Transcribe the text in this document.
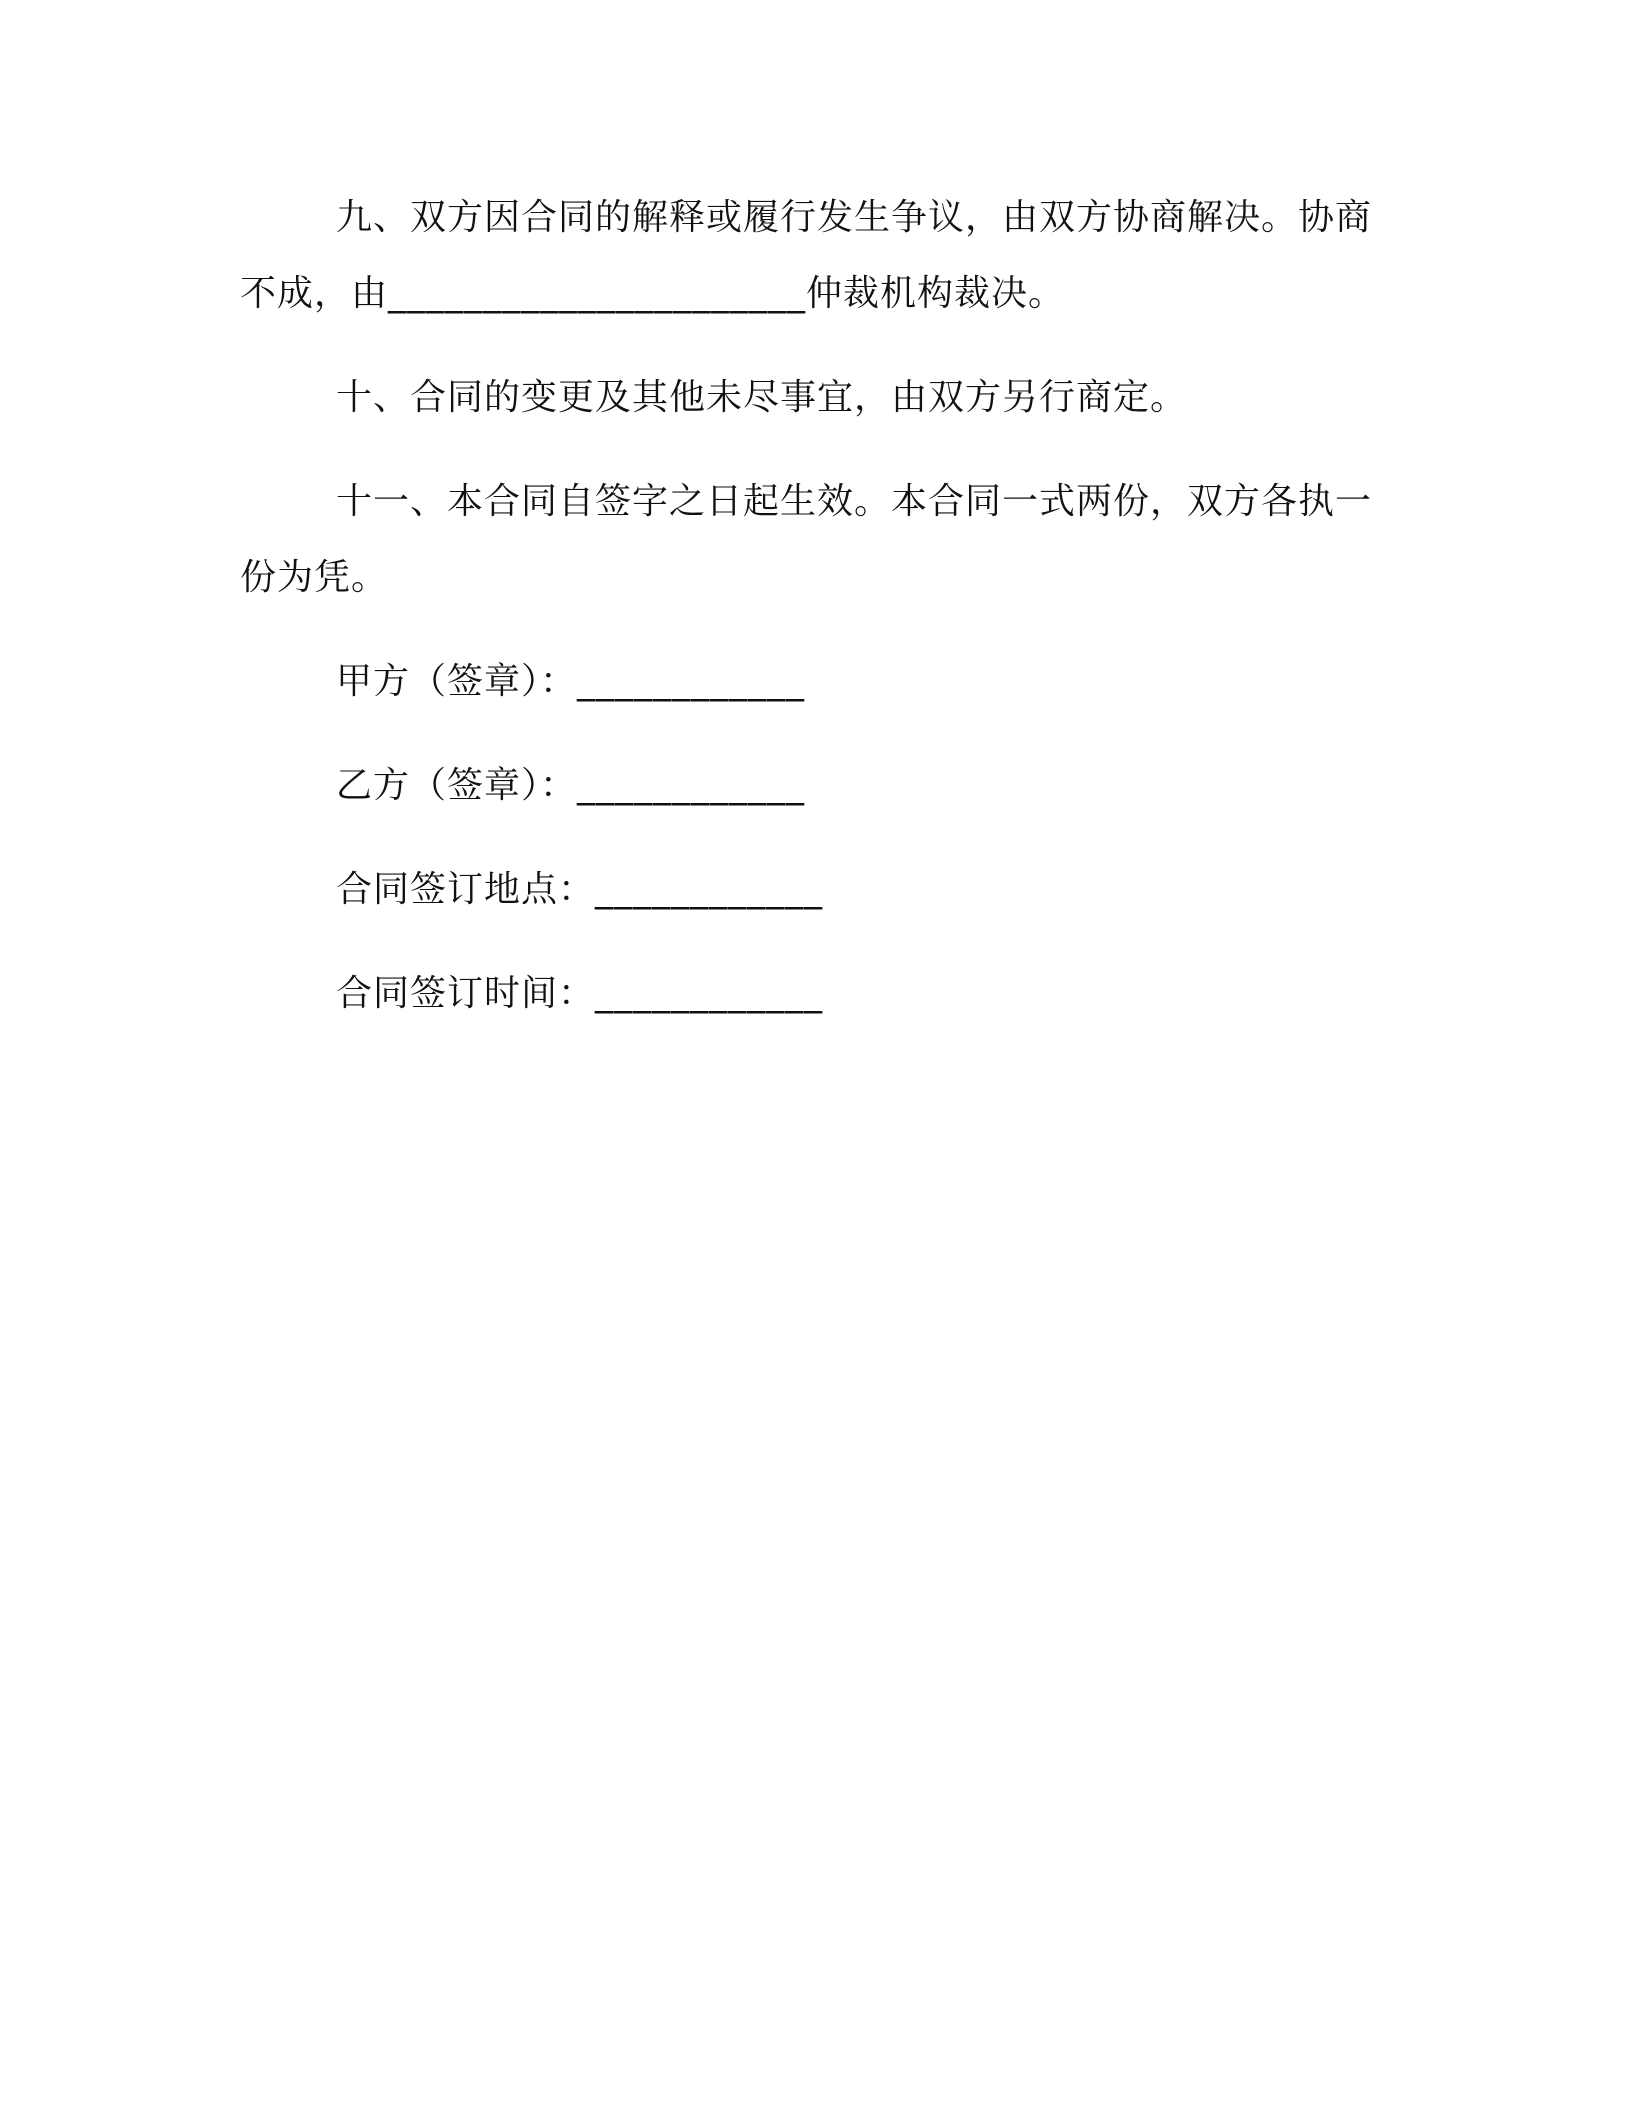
九、双方因合同的解释或履行发生争议，由双方协商解决。协商不成，由______________________仲裁机构裁决。

十、合同的变更及其他未尽事宜，由双方另行商定。

十一、本合同自签字之日起生效。本合同一式两份，双方各执一份为凭。

甲方（签章）：____________
乙方（签章）：____________
合同签订地点：____________
合同签订时间：____________
